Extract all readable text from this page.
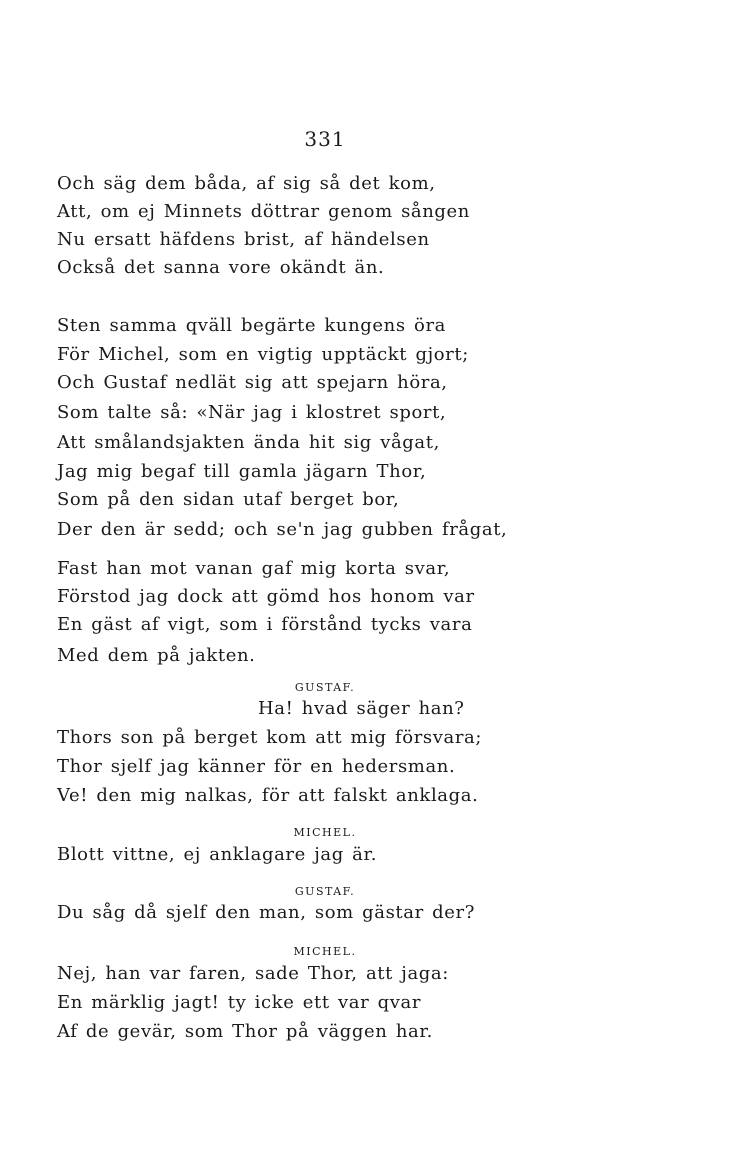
331
Och säg dem båda, af sig så det kom,
Att, om ej Minnets döttrar genom sången
Nu ersatt häfdens brist, af händelsen
Också det sanna vore okändt än.
Sten samma qväll begärte kungens öra
För Michel, som en vigtig upptäckt gjort;
Och Gustaf nedlät sig att spejarn höra,
Som talte så: «När jag i klostret sport,
Att smålandsjakten ända hit sig vågat,
Jag mig begaf till gamla jägarn Thor,
Som på den sidan utaf berget bor,
Der den är sedd; och se'n jag gubben frågat,
Fast han mot vanan gaf mig korta svar,
Förstod jag dock att gömd hos honom var
En gäst af vigt, som i förstånd tycks vara
Med dem på jakten.
GUSTAF.
Ha! hvad säger han?
Thors son på berget kom att mig försvara;
Thor sjelf jag känner för en hedersman.
Ve! den mig nalkas, för att falskt anklaga.
MICHEL.
Blott vittne, ej anklagare jag är.
GUSTAF.
Du såg då sjelf den man, som gästar der?
MICHEL.
Nej, han var faren, sade Thor, att jaga:
En märklig jagt! ty icke ett var qvar
Af de gevär, som Thor på väggen har.
